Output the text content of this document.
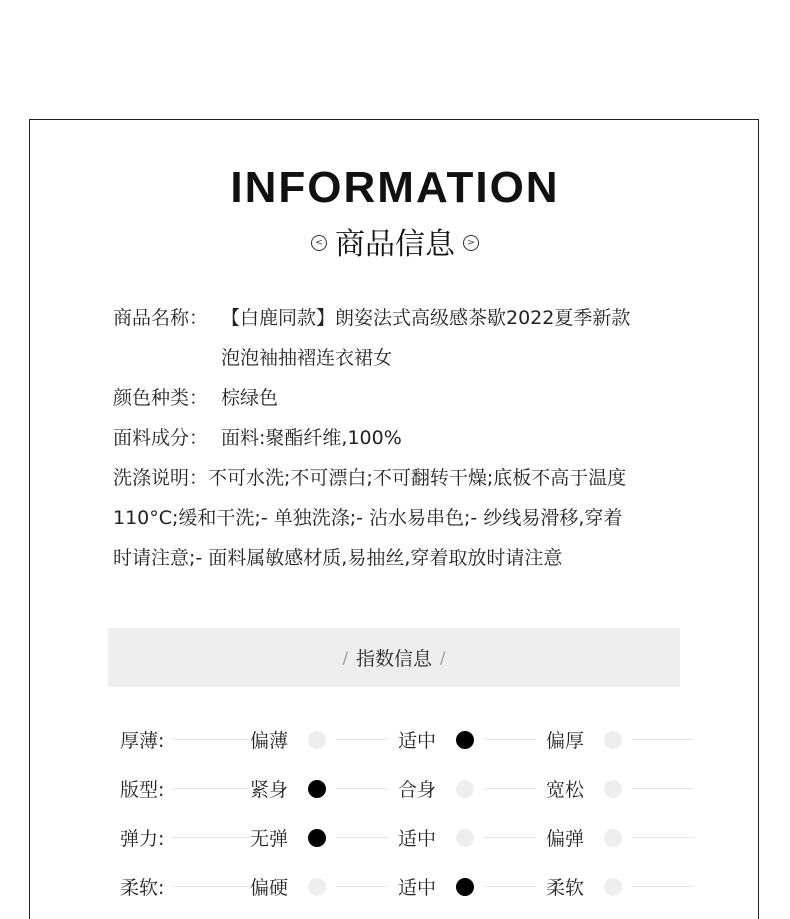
INFORMATION
< 商品信息	>
商品名称： 【白鹿同款】朗姿法式高级感茶歇2022夏季新款
泡泡袖抽褶连衣裙女
颜色种类： 棕绿色
面料成分： 面料:聚酯纤维,100%
洗涤说明：不可水洗;不可漂白;不可翻转干燥;底板不高于温度
110°C;缓和干洗;- 单独洗涤;- 沾水易串色;- 纱线易滑移,穿着
时请注意;- 面料属敏感材质,易抽丝,穿着取放时请注意
/ 指数信息 /
厚薄:	偏薄	适中	偏厚
版型:	紧身	合身	宽松
弹力:	无弹	适中	偏弹
柔软:	偏硬	适中	柔软
